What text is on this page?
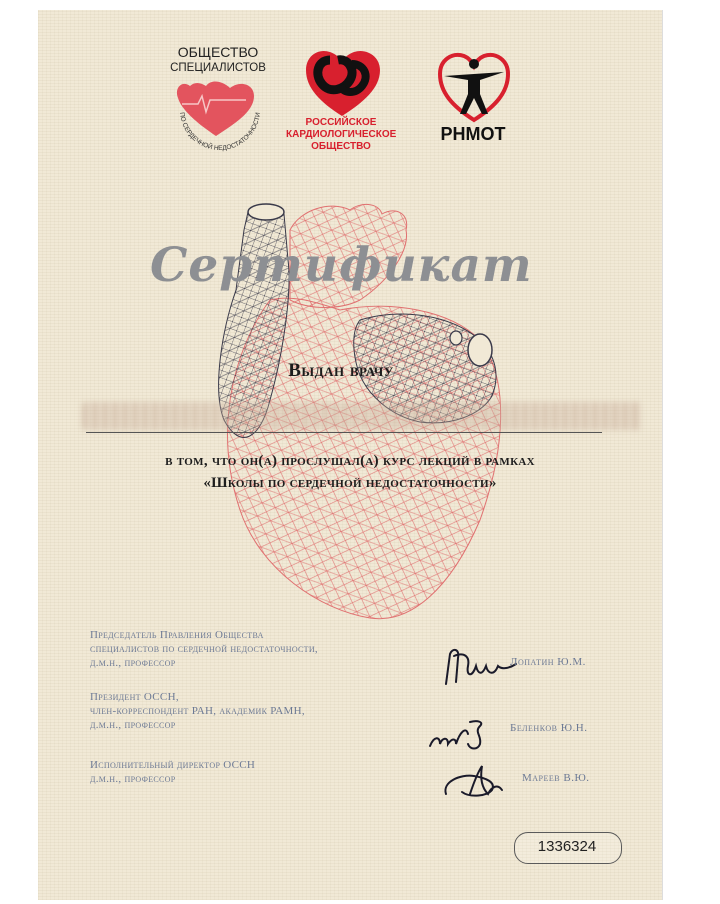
ОБЩЕСТВО
СПЕЦИАЛИСТОВ
ПО СЕРДЕЧНОЙ НЕДОСТАТОЧНОСТИ
РОССИЙСКОЕ
КАРДИОЛОГИЧЕСКОЕ
ОБЩЕСТВО
РНМОТ
Сертификат
Выдан врачу
в том, что он(а) прослушал(а) курс лекций в рамках
«Школы по сердечной недостаточности»
Председатель Правления Общества
специалистов по сердечной недостаточности,
д.м.н., профессор	Лопатин Ю.М.
Президент ОССН,
член-корреспондент РАН, академик РАМН,
д.м.н., профессор	Беленков Ю.Н.
Исполнительный директор ОССН
д.м.н., профессор	Мареев В.Ю.
1336324
